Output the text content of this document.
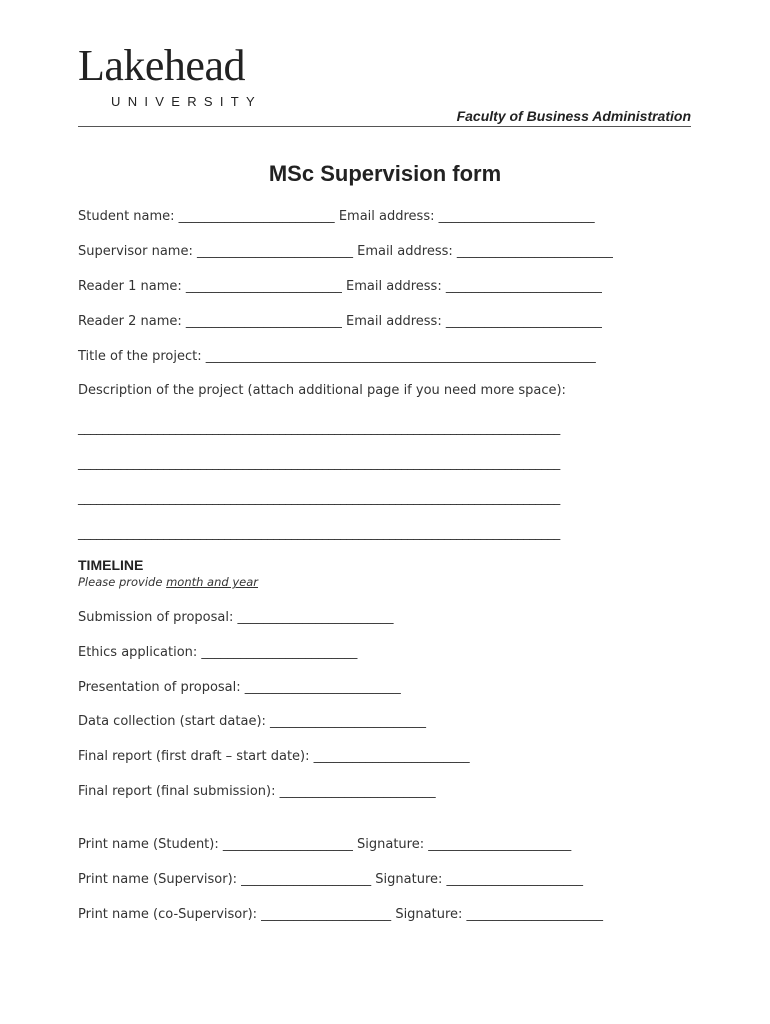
Lakehead
UNIVERSITY
Faculty of Business Administration
MSc Supervision form
Student name: ________________________ Email address: ________________________
Supervisor name: ________________________ Email address: ________________________
Reader 1 name: ________________________ Email address: ________________________
Reader 2 name: ________________________ Email address: ________________________
Title of the project: ____________________________________________________________
Description of the project (attach additional page if you need more space):
_______________________________________________________________________________
_______________________________________________________________________________
_______________________________________________________________________________
_______________________________________________________________________________
TIMELINE
Please provide month and year
Submission of proposal: ________________________
Ethics application: ________________________
Presentation of proposal: ________________________
Data collection (start datae): ________________________
Final report (first draft – start date): ________________________
Final report (final submission): ________________________
Print name (Student): ____________________ Signature: ______________________
Print name (Supervisor): ____________________ Signature: _____________________
Print name (co-Supervisor): ____________________ Signature: _____________________
